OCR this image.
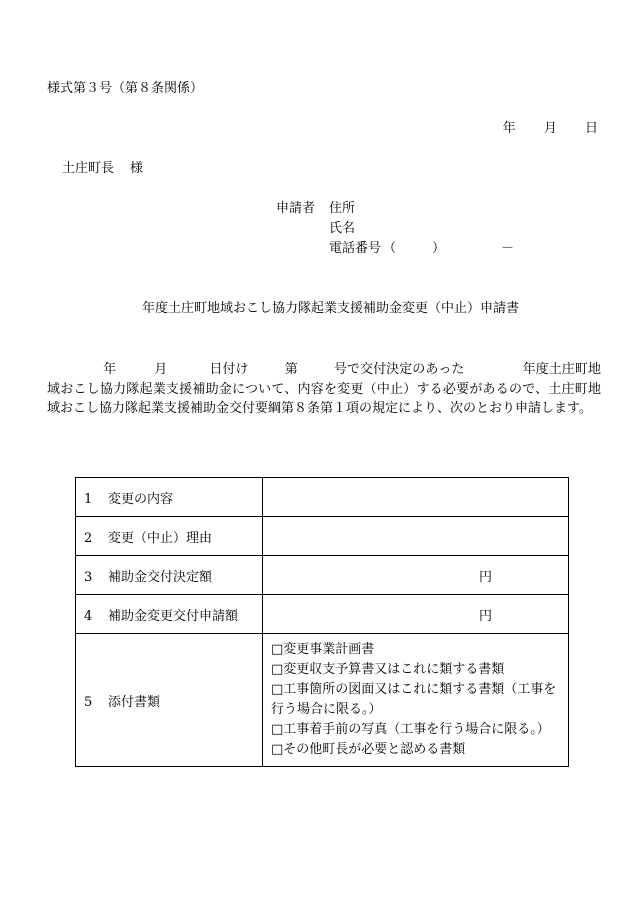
様式第３号（第８条関係）
年 月 日
土庄町長 様
申請者 住所
氏名
電話番号 （	）	－
年度土庄町地域おこし協力隊起業支援補助金変更（中止）申請書
年	月	日付け	第	号で交付決定のあった	年度土庄町地域おこし協力隊起業支援補助金について、内容を変更（中止）する必要があるので、土庄町地域おこし協力隊起業支援補助金交付要綱第８条第１項の規定により、次のとおり申請します。
1 変更の内容	
2 変更（中止）理由	
3 補助金交付決定額	円
4 補助金変更交付申請額	円
5 添付書類	□変更事業計画書
□変更収支予算書又はこれに類する書類
□工事箇所の図面又はこれに類する書類（工事を行う場合に限る。）
□工事着手前の写真（工事を行う場合に限る。）
□その他町長が必要と認める書類
